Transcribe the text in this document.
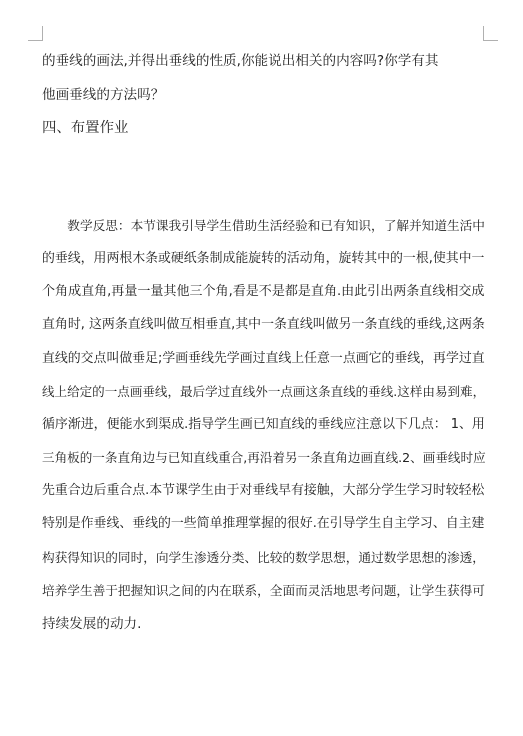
的垂线的画法,并得出垂线的性质,你能说出相关的内容吗?你学有其
他画垂线的方法吗？
四、布置作业
　　教学反思：本节课我引导学生借助生活经验和已有知识，了解并知道生活中
的垂线，用两根木条或硬纸条制成能旋转的活动角，旋转其中的一根,使其中一
个角成直角,再量一量其他三个角,看是不是都是直角.由此引出两条直线相交成
直角时, 这两条直线叫做互相垂直,其中一条直线叫做另一条直线的垂线,这两条
直线的交点叫做垂足;学画垂线先学画过直线上任意一点画它的垂线，再学过直
线上给定的一点画垂线，最后学过直线外一点画这条直线的垂线.这样由易到难，
循序渐进，便能水到渠成.指导学生画已知直线的垂线应注意以下几点： 1、用
三角板的一条直角边与已知直线重合,再沿着另一条直角边画直线.2、画垂线时应
先重合边后重合点.本节课学生由于对垂线早有接触，大部分学生学习时较轻松
特别是作垂线、垂线的一些简单推理掌握的很好.在引导学生自主学习、自主建
构获得知识的同时，向学生渗透分类、比较的数学思想，通过数学思想的渗透，
培养学生善于把握知识之间的内在联系，全面而灵活地思考问题，让学生获得可
持续发展的动力.
